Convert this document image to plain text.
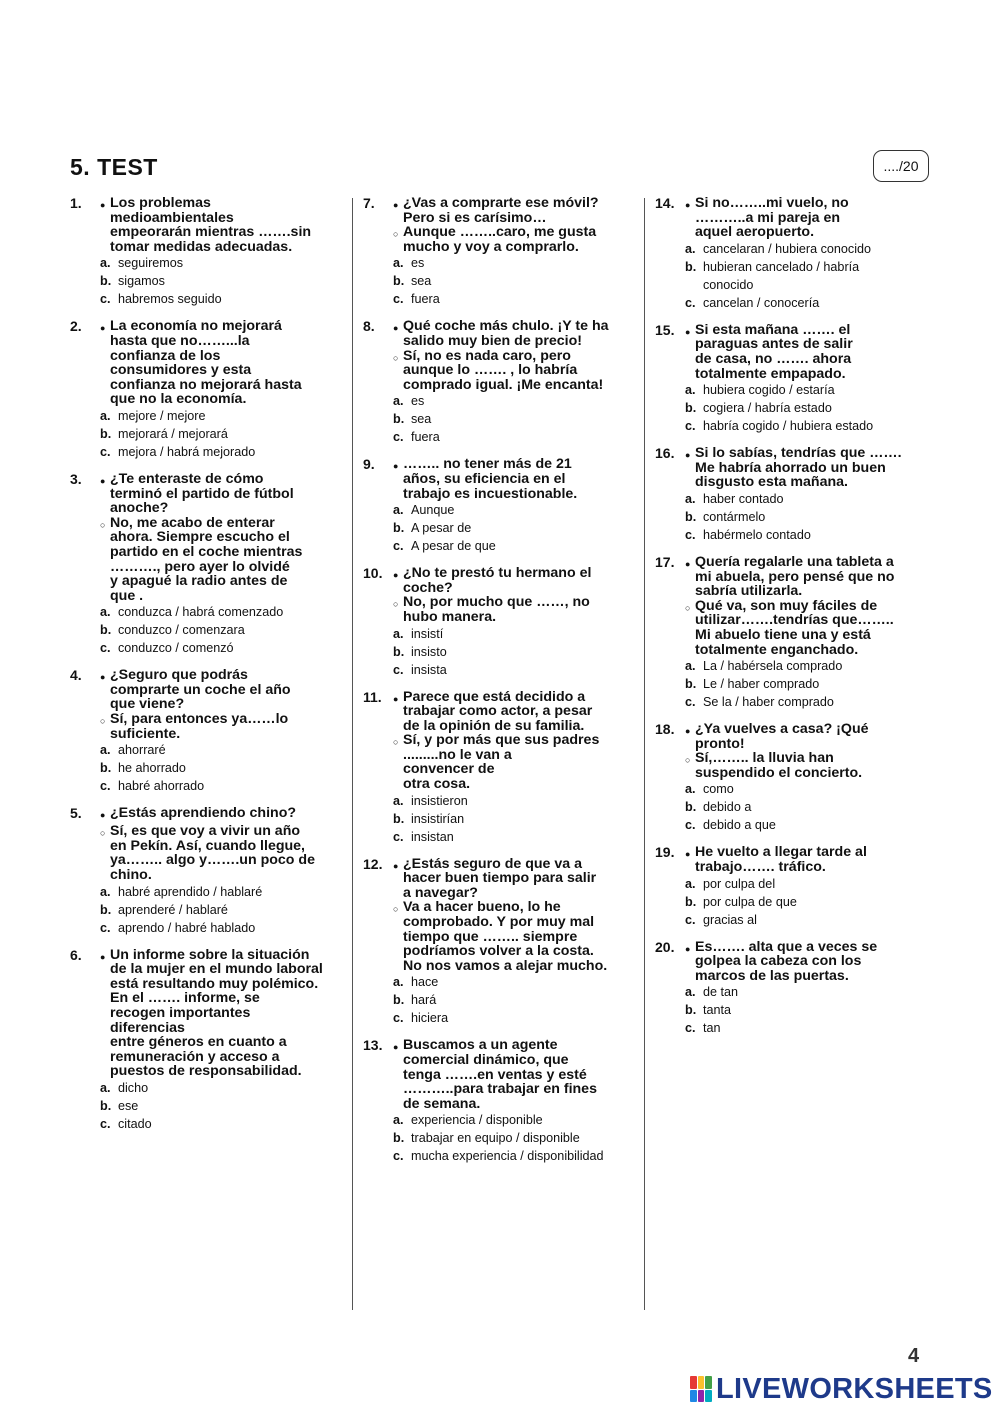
5. TEST	..../20
1.	● Los problemas
medioambientales
empeorarán mientras …….sin
tomar medidas adecuadas.
a. seguiremos
b. sigamos
c. habremos seguido
2.	● La economía no mejorará
hasta que no……...la
confianza de los
consumidores y esta
confianza no mejorará hasta
que no la economía.
a. mejore / mejore
b. mejorará / mejorará
c. mejora / habrá mejorado
3.	● ¿Te enteraste de cómo
terminó el partido de fútbol
anoche?
○ No, me acabo de enterar
ahora. Siempre escucho el
partido en el coche mientras
………., pero ayer lo olvidé
y apagué la radio antes de
que .
a. conduzca / habrá comenzado
b. conduzco / comenzara
c. conduzco / comenzó
4.	● ¿Seguro que podrás
comprarte un coche el año
que viene?
○ Sí, para entonces ya……lo
suficiente.
a. ahorraré
b. he ahorrado
c. habré ahorrado
5.	● ¿Estás aprendiendo chino?
○ Sí, es que voy a vivir un año
en Pekín. Así, cuando llegue,
ya…….. algo y…….un poco de
chino.
a. habré aprendido / hablaré
b. aprenderé / hablaré
c. aprendo / habré hablado
6.	● Un informe sobre la situación
de la mujer en el mundo laboral
está resultando muy polémico.
En el ……. informe, se
recogen importantes
diferencias
entre géneros en cuanto a
remuneración y acceso a
puestos de responsabilidad.
a. dicho
b. ese
c. citado
7.	● ¿Vas a comprarte ese móvil?
Pero si es carísimo…
○ Aunque ……..caro, me gusta
mucho y voy a comprarlo.
a. es
b. sea
c. fuera
8.	● Qué coche más chulo. ¡Y te ha
salido muy bien de precio!
○ Sí, no es nada caro, pero
aunque lo ……. , lo habría
comprado igual. ¡Me encanta!
a. es
b. sea
c. fuera
9.	● …….. no tener más de 21
años, su eficiencia en el
trabajo es incuestionable.
a. Aunque
b. A pesar de
c. A pesar de que
10.	● ¿No te prestó tu hermano el
coche?
○ No, por mucho que ……, no
hubo manera.
a. insistí
b. insisto
c. insista
11.	● Parece que está decidido a
trabajar como actor, a pesar
de la opinión de su familia.
○ Sí, y por más que sus padres
.........no le van a
convencer de
otra cosa.
a. insistieron
b. insistirían
c. insistan
12.	● ¿Estás seguro de que va a
hacer buen tiempo para salir
a navegar?
○ Va a hacer bueno, lo he
comprobado. Y por muy mal
tiempo que …….. siempre
podríamos volver a la costa.
No nos vamos a alejar mucho.
a. hace
b. hará
c. hiciera
13.	● Buscamos a un agente
comercial dinámico, que
tenga …….en ventas y esté
………..para trabajar en fines
de semana.
a. experiencia / disponible
b. trabajar en equipo / disponible
c. mucha experiencia / disponibilidad
14.	● Si no……..mi vuelo, no
………..a mi pareja en
aquel aeropuerto.
a. cancelaran / hubiera conocido
b. hubieran cancelado / habría
conocido
c. cancelan / conocería
15.	● Si esta mañana ……. el
paraguas antes de salir
de casa, no ……. ahora
totalmente empapado.
a. hubiera cogido / estaría
b. cogiera / habría estado
c. habría cogido / hubiera estado
16.	● Si lo sabías, tendrías que …….
Me habría ahorrado un buen
disgusto esta mañana.
a. haber contado
b. contármelo
c. habérmelo contado
17.	● Quería regalarle una tableta a
mi abuela, pero pensé que no
sabría utilizarla.
○ Qué va, son muy fáciles de
utilizar…….tendrías que……..
Mi abuelo tiene una y está
totalmente enganchado.
a. La / habérsela comprado
b. Le / haber comprado
c. Se la / haber comprado
18.	● ¿Ya vuelves a casa? ¡Qué
pronto!
○ Sí,…….. la lluvia han
suspendido el concierto.
a. como
b. debido a
c. debido a que
19.	● He vuelto a llegar tarde al
trabajo……. tráfico.
a. por culpa del
b. por culpa de que
c. gracias al
20.	● Es……. alta que a veces se
golpea la cabeza con los
marcos de las puertas.
a. de tan
b. tanta
c. tan
4
LIVEWORKSHEETS
